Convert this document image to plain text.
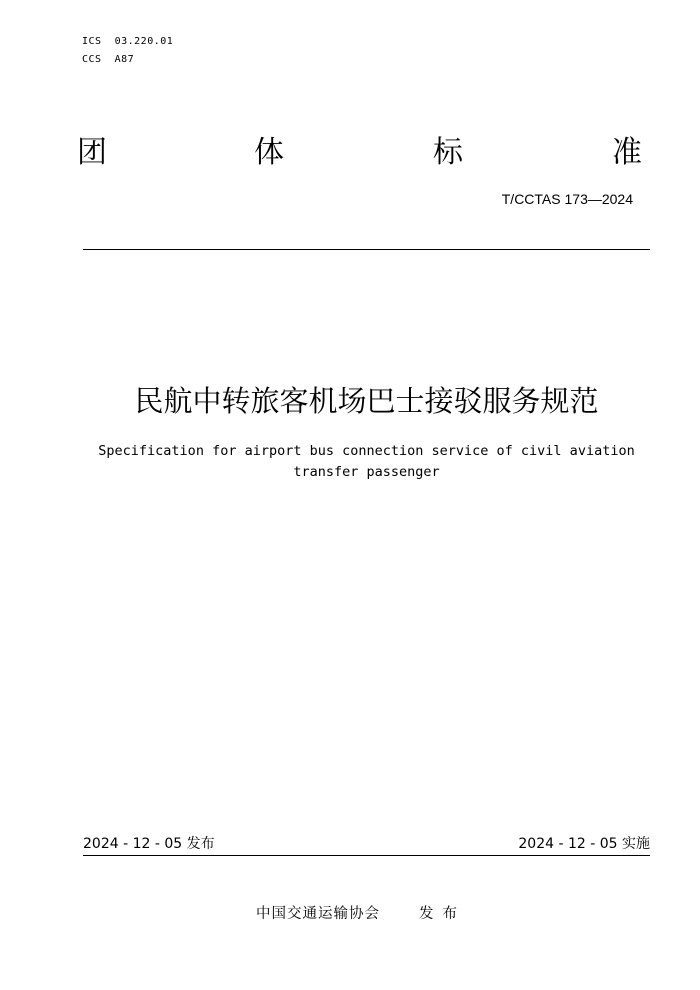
ICS  03.220.01
CCS  A87
团	体	标	准
T/CCTAS 173—2024
民航中转旅客机场巴士接驳服务规范
Specification for airport bus connection service of civil aviation transfer passenger
2024 - 12 - 05 发布	2024 - 12 - 05 实施
中国交通运输协会	发布
